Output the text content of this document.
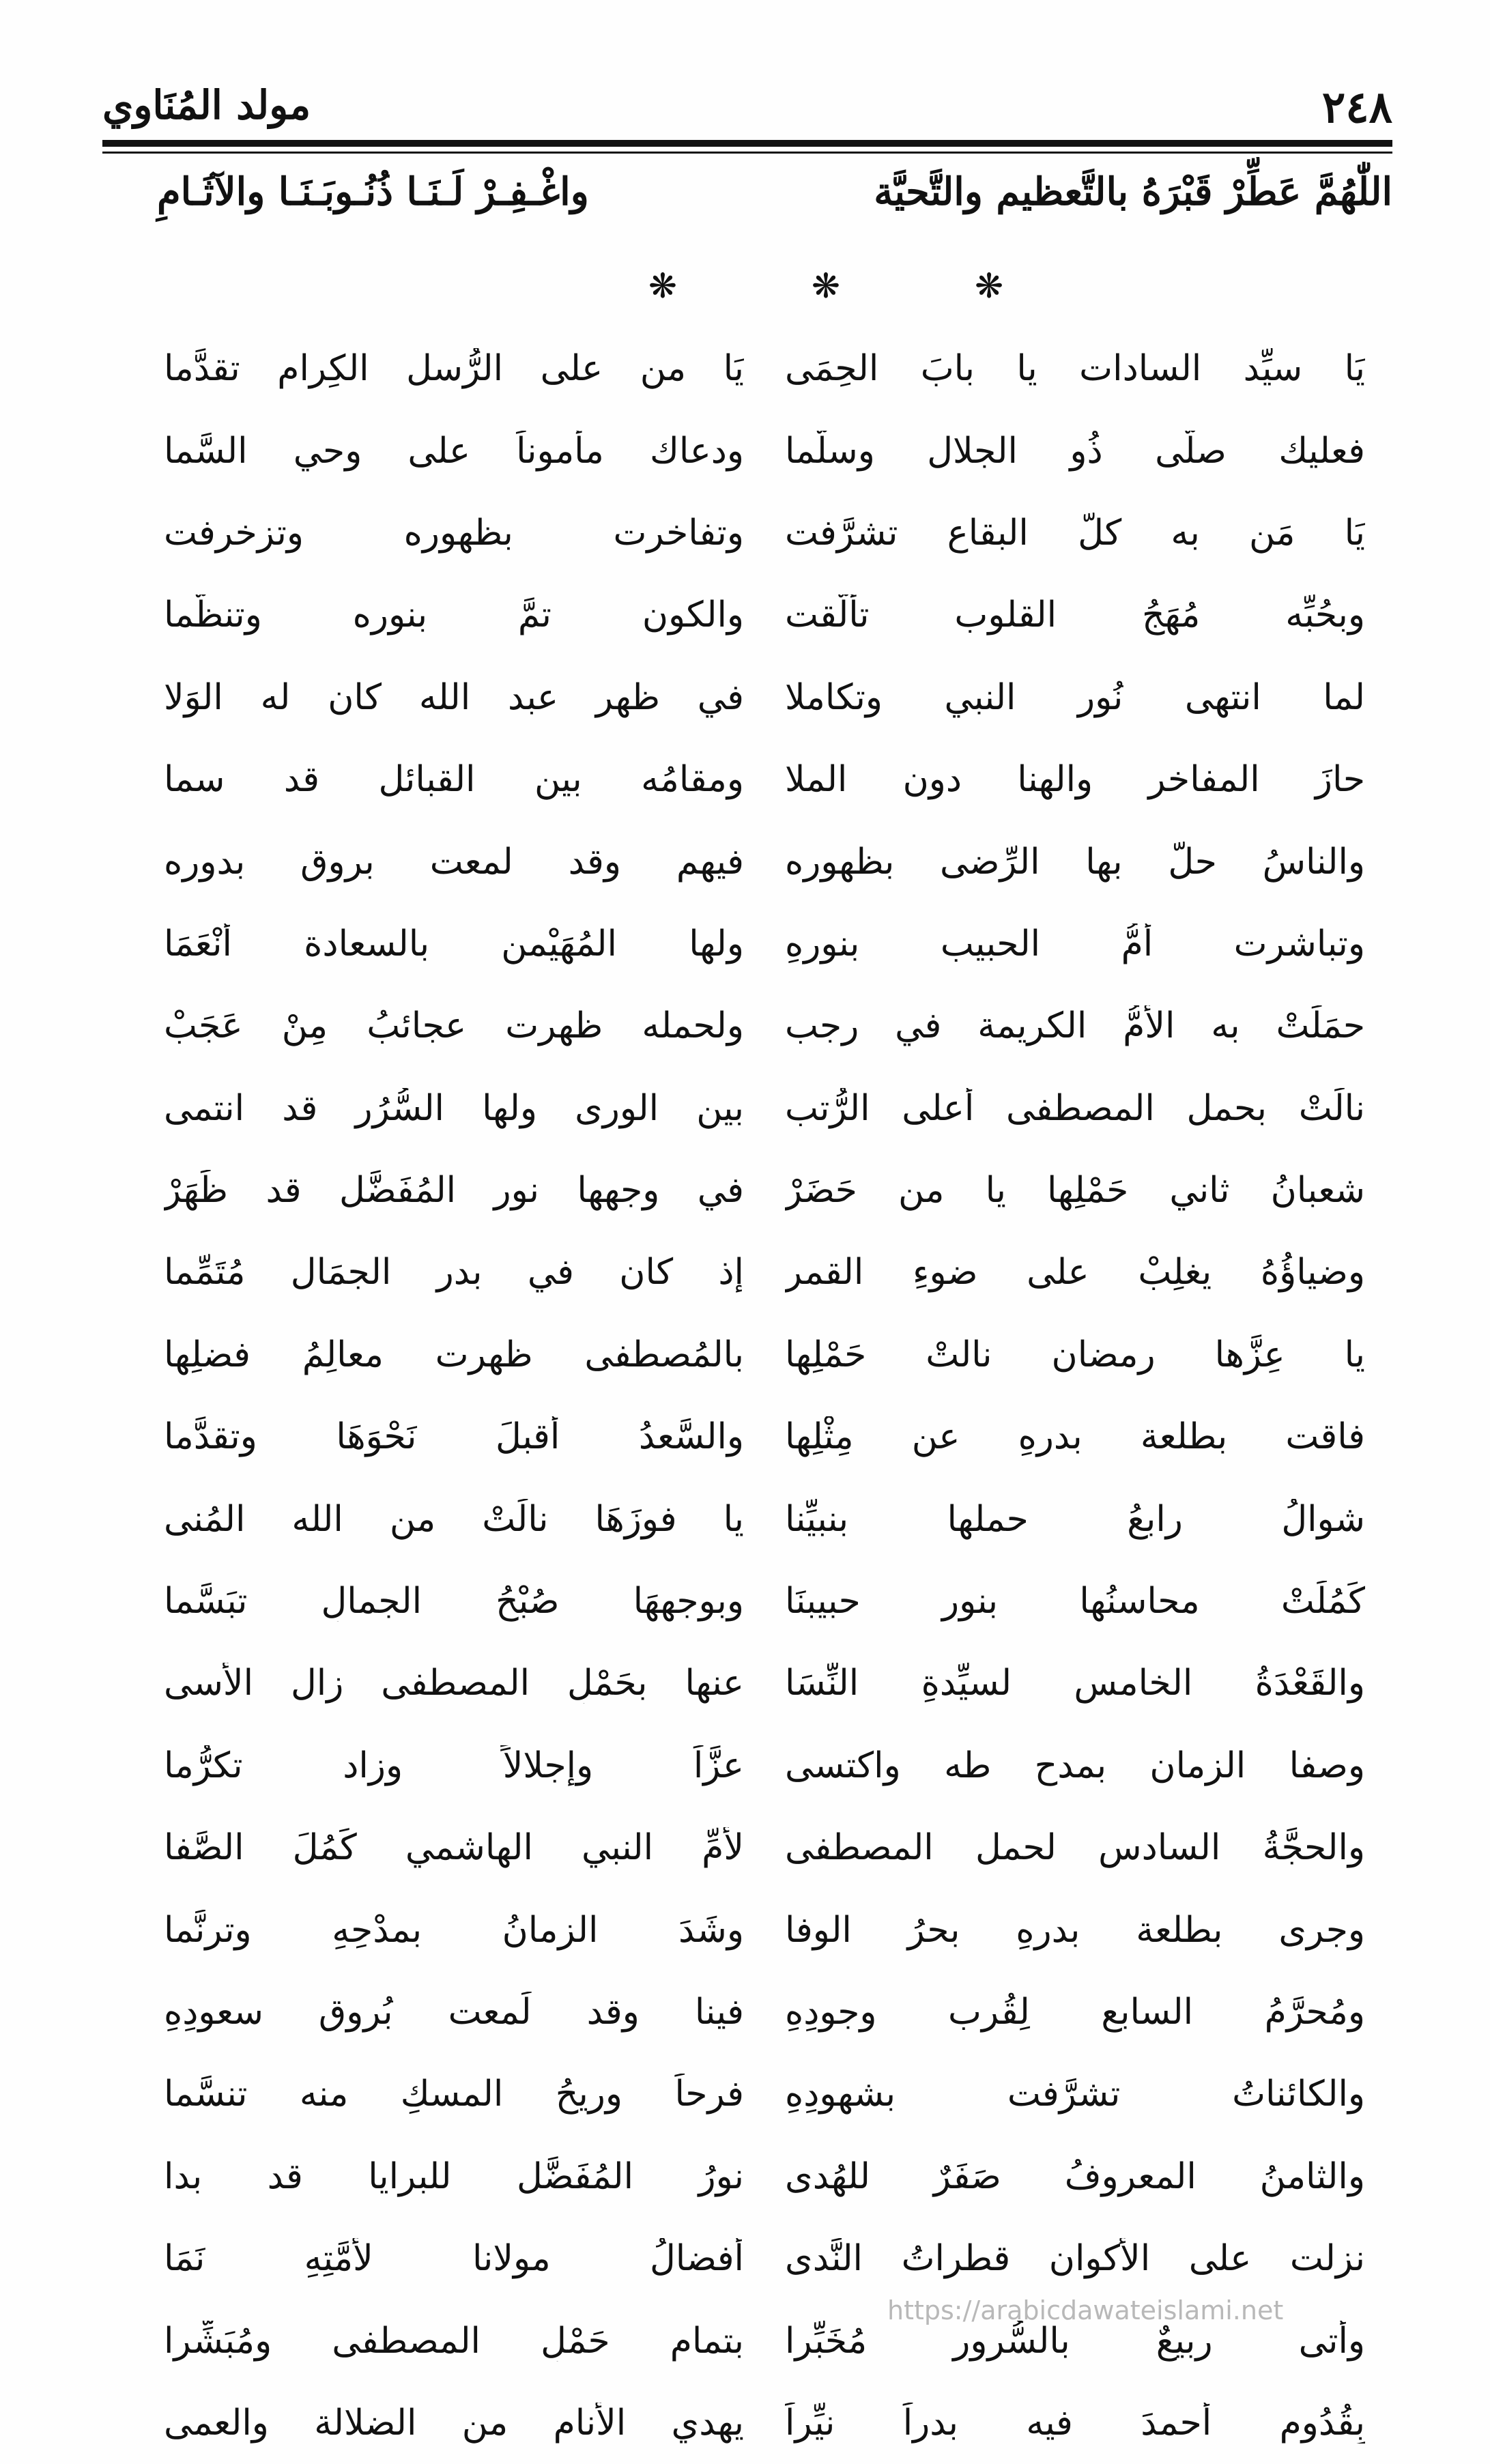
٢٤٨
مولد المُنَاوي
اللّٰهُمَّ عَطِّرْ قَبْرَهُ بالتَّعظيم والتَّحيَّة
واغْـفِـرْ لَـنَـا ذُنُـوبَـنَـا والآثَـامِ
❋	❋	❋
يَا سيِّد السادات يا بابَ الحِمَى
يَا من على الرُّسل الكِرام تقدَّما
فعليك صلَّى ذُو الجلال وسلَّما
ودعاك مأموناً على وحي السَّما
يَا مَن به كلُّ البقاع تشرَّفت
وتفاخرت بظهوره وتزخرفت
وبحُبِّه مُهَجُ القلوب تألَّقت
والكون تمَّ بنوره وتنظَّما
لما انتهى نُور النبي وتكاملا
في ظهر عبد الله كان له الوَلا
حازَ المفاخر والهنا دون الملا
ومقامُه بين القبائل قد سما
والناسُ حلَّ بها الرِّضى بظهوره
فيهم وقد لمعت بروق بدوره
وتباشرت أمُّ الحبيب بنورِهِ
ولها المُهَيْمن بالسعادة أنْعَمَا
حمَلَتْ به الأمُّ الكريمة في رجب
ولحمله ظهرت عجائبُ مِنْ عَجَبْ
نالَتْ بحمل المصطفى أعلى الرُّتب
بين الورى ولها السُّرُر قد انتمى
شعبانُ ثاني حَمْلِها يا من حَضَرْ
في وجهها نور المُفَضَّل قد ظَهَرْ
وضياؤُهُ يغلِبْ على ضوءِ القمر
إذ كان في بدر الجمَال مُتَمِّما
يا عِزَّها رمضان نالتْ حَمْلِها
بالمُصطفى ظهرت معالِمُ فضلِها
فاقت بطلعة بدرِهِ عن مِثْلِها
والسَّعدُ أقبلَ نَحْوَهَا وتقدَّما
شوالُ رابعُ حملها بنبيِّنا
يا فوزَهَا نالَتْ من الله المُنى
كَمُلَتْ محاسنُها بنورِ حبيبنَا
وبوجهِهَا صُبْحُ الجمالِ تبَسَّما
والقَعْدَةُ الخامس لسيِّدةِ النِّسَا
عنها بحَمْلِ المصطفى زال الأسى
وصفا الزمان بمدحِ طه واكتسى
عزَّاً وإجلالاً وزاد تكرُّما
والحجَّةُ السادس لحمل المصطفى
لأمِّ النبي الهاشمي كَمُلَ الصَّفا
وجرى بطلعة بدرِهِ بحرُ الوفا
وشَدَ الزمانُ بمدْحِهِ وترنَّما
ومُحرَّمُ السابع لِقُرب وجودِهِ
فينا وقد لَمعت بُروق سعودِهِ
والكائناتُ تشرَّفت بشهودِهِ
فرحاً وريحُ المسكِ منه تنسَّما
والثامنُ المعروفُ صَفَرٌ للهُدى
نورُ المُفَضَّل للبرايا قد بدا
نزلت على الأكوان قطراتُ النَّدى
أفضالُ مولانا لأمَّتِهِ نَمَا
وأتى ربيعٌ بالسُّرورِ مُخَبِّرا
بتمام حَمْلِ المصطفى ومُبَشِّرا
بِقُدُومِ أحمدَ فيه بدراً نيِّراً
يهدي الأنام من الضلالة والعمى
https://arabicdawateislami.net
